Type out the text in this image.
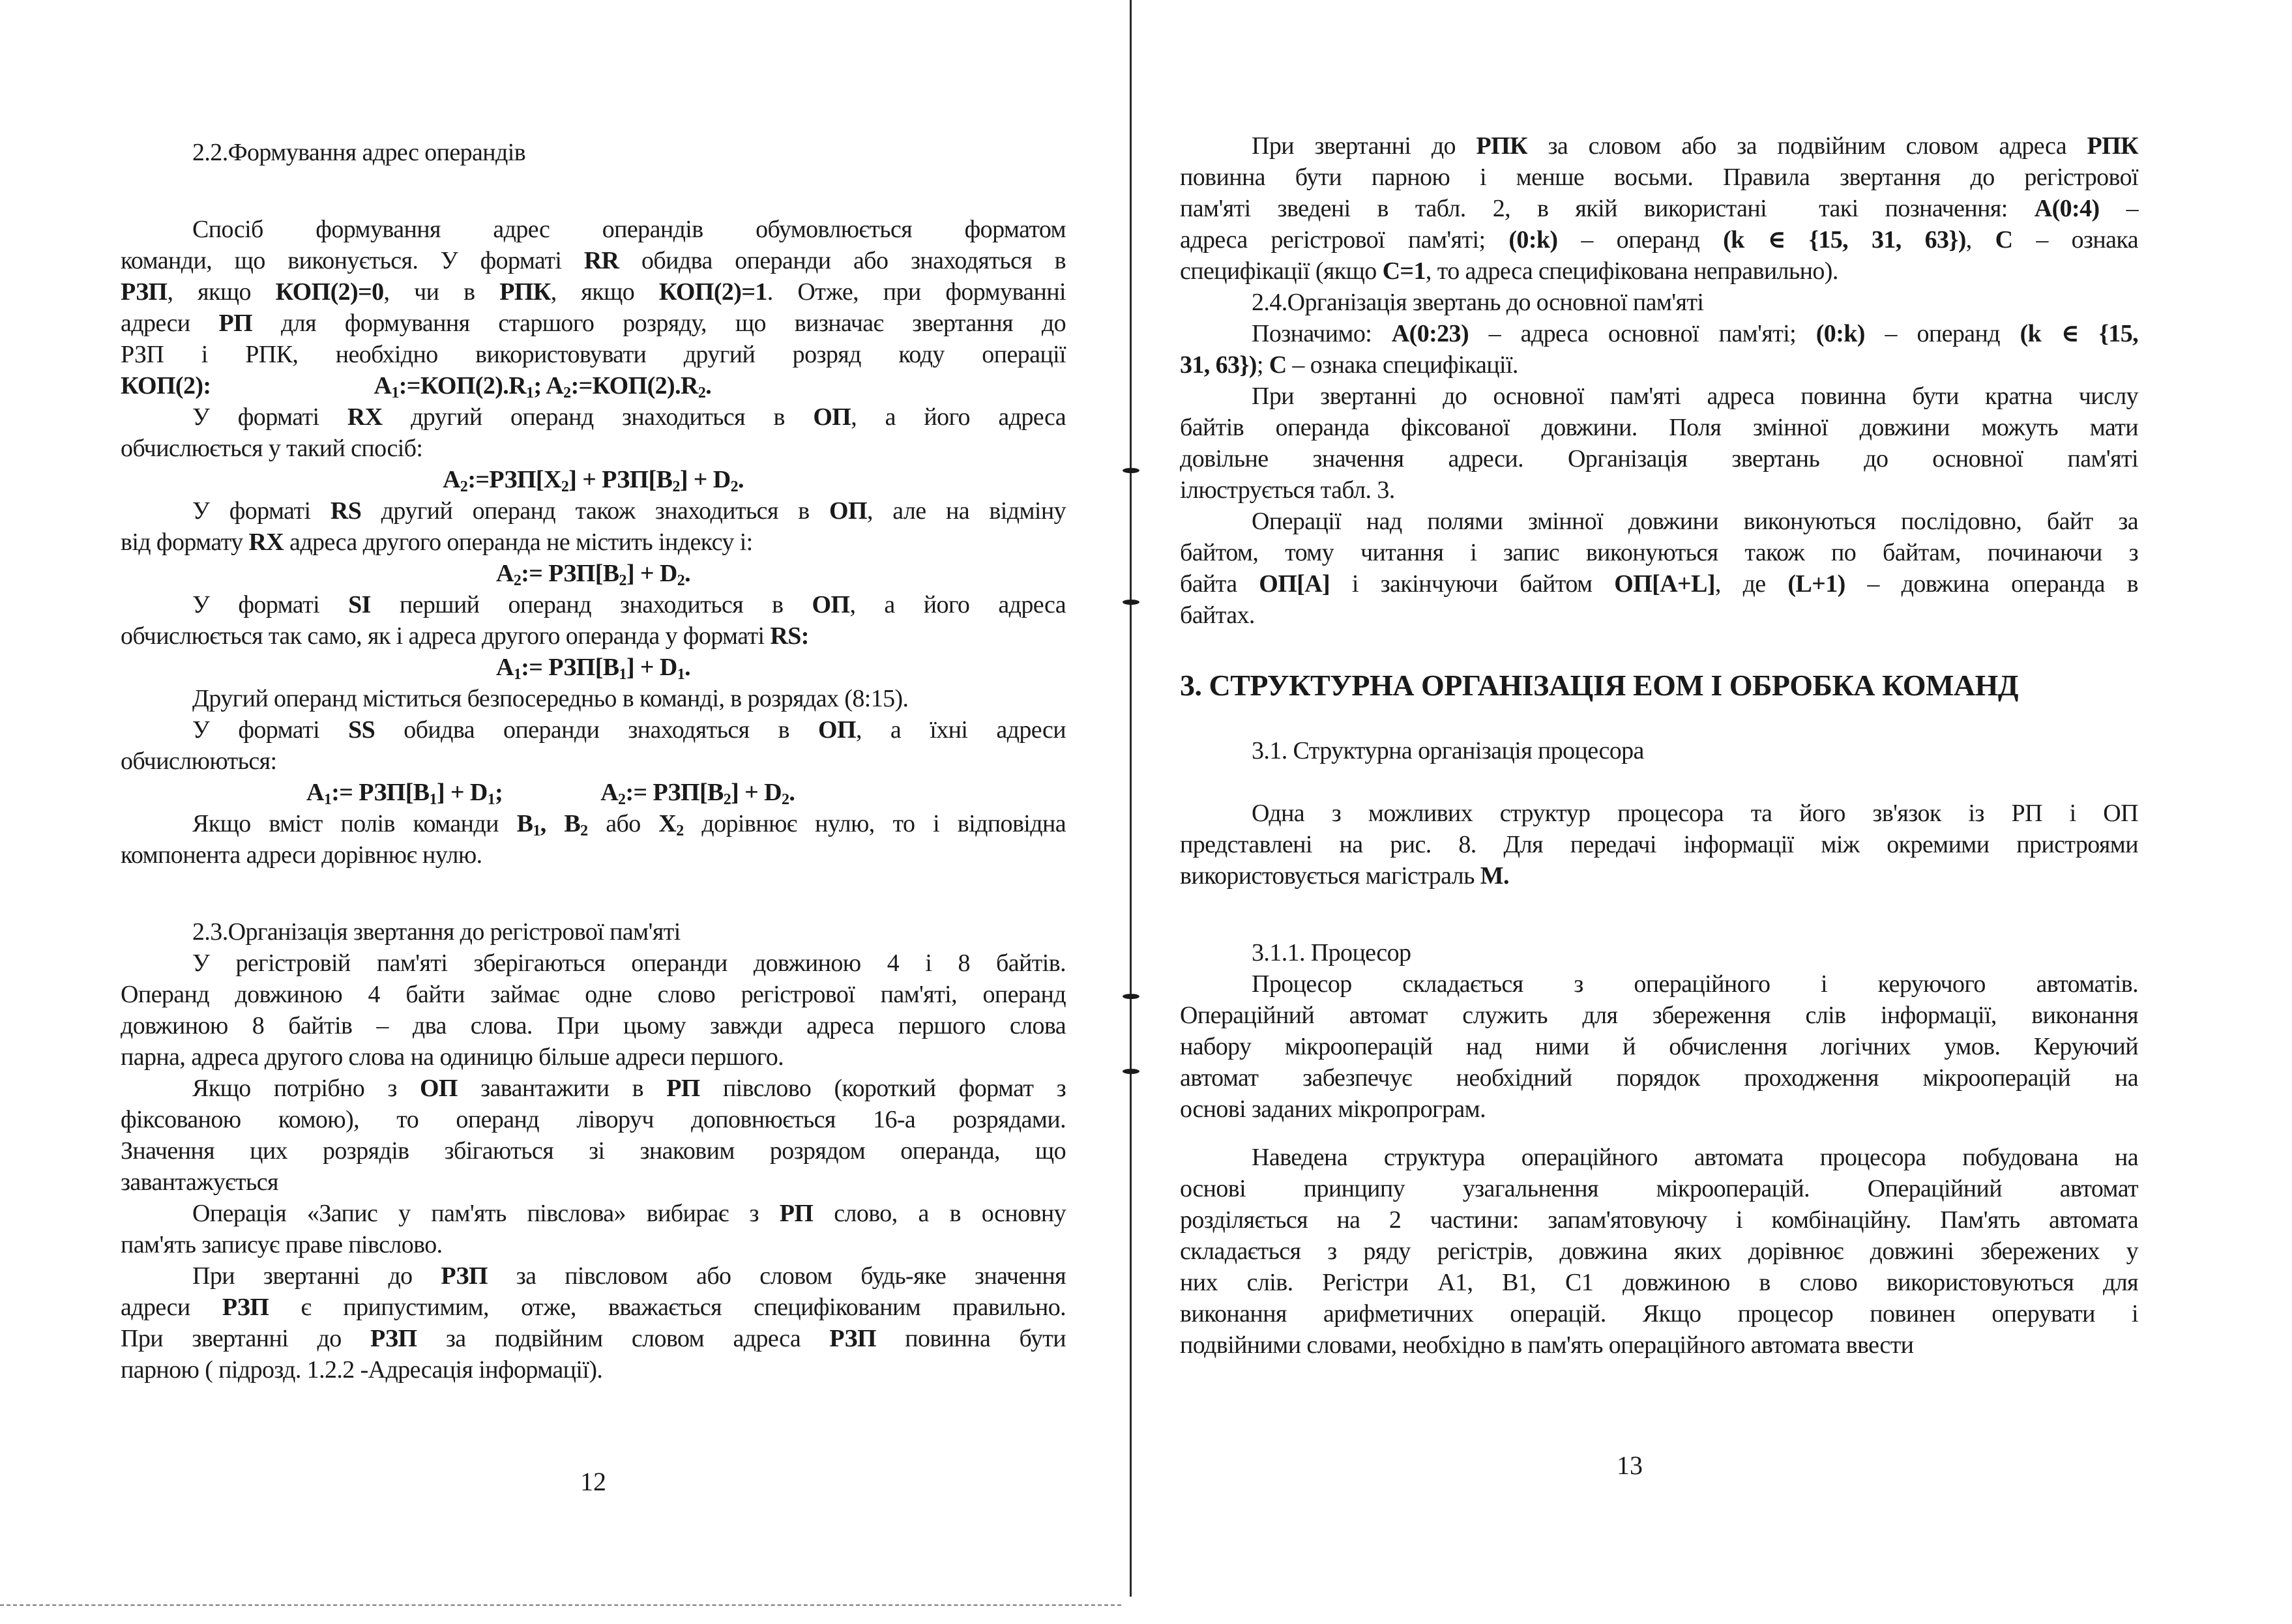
2.2.Формування адрес операндів
Спосіб формування адрес операндів обумовлюється форматом
команди, що виконується. У форматі RR обидва операнди або знаходяться в
РЗП, якщо КОП(2)=0, чи в РПК, якщо КОП(2)=1. Отже, при формуванні
адреси РП для формування старшого розряду, що визначає звертання до
РЗП і РПК, необхідно використовувати другий розряд коду операції
КОП(2):	$A_1:=КОП(2).R_1$; $A_2:=КОП(2).R_2$.
У форматі RX другий операнд знаходиться в ОП, а його адреса
обчислюється у такий спосіб:
$A_2:=РЗП[X_2] + РЗП[B_2] + D_2$.
У форматі RS другий операнд також знаходиться в ОП, але на відміну
від формату RX адреса другого операнда не містить індексу і:
$A_2:= РЗП[B_2] + D_2$.
У форматі SI перший операнд знаходиться в ОП, а його адреса
обчислюється так само, як і адреса другого операнда у форматі RS:
$A_1:= РЗП[B_1] + D_1$.
Другий операнд міститься безпосередньо в команді, в розрядах (8:15).
У форматі SS обидва операнди знаходяться в ОП, а їхні адреси
обчислюються:
$A_1:= РЗП[B_1] + D_1$;	$A_2:= РЗП[B_2] + D_2$.
Якщо вміст полів команди $B_1$, $B_2$ або $X_2$ дорівнює нулю, то і відповідна
компонента адреси дорівнює нулю.
2.3.Організація звертання до регістрової пам'яті
У регістровій пам'яті зберігаються операнди довжиною 4 і 8 байтів.
Операнд довжиною 4 байти займає одне слово регістрової пам'яті, операнд
довжиною 8 байтів – два слова. При цьому завжди адреса першого слова
парна, адреса другого слова на одиницю більше адреси першого.
Якщо потрібно з ОП завантажити в РП півслово (короткий формат з
фіксованою комою), то операнд ліворуч доповнюється 16-а розрядами.
Значення цих розрядів збігаються зі знаковим розрядом операнда, що
завантажується
Операція «Запис у пам'ять півслова» вибирає з РП слово, а в основну
пам'ять записує праве півслово.
При звертанні до РЗП за півсловом або словом будь-яке значення
адреси РЗП є припустимим, отже, вважається специфікованим правильно.
При звертанні до РЗП за подвійним словом адреса РЗП повинна бути
парною ( підрозд. 1.2.2 -Адресація інформації).
12
При звертанні до РПК за словом або за подвійним словом адреса РПК
повинна бути парною і менше восьми. Правила звертання до регістрової
пам'яті зведені в табл. 2, в якій використані такі позначення: A(0:4) –
адреса регістрової пам'яті; (0:k) – операнд (k ∈ {15, 31, 63}), C – ознака
специфікації (якщо C=1, то адреса специфікована неправильно).
2.4.Організація звертань до основної пам'яті
Позначимо: A(0:23) – адреса основної пам'яті; (0:k) – операнд (k ∈ {15,
31, 63}); C – ознака специфікації.
При звертанні до основної пам'яті адреса повинна бути кратна числу
байтів операнда фіксованої довжини. Поля змінної довжини можуть мати
довільне значення адреси. Організація звертань до основної пам'яті
ілюструється табл. 3.
Операції над полями змінної довжини виконуються послідовно, байт за
байтом, тому читання і запис виконуються також по байтам, починаючи з
байта ОП[A] і закінчуючи байтом ОП[A+L], де (L+1) – довжина операнда в
байтах.
3. СТРУКТУРНА ОРГАНІЗАЦІЯ ЕОМ І ОБРОБКА КОМАНД
3.1. Структурна організація процесора
Одна з можливих структур процесора та його зв'язок із РП і ОП
представлені на рис. 8. Для передачі інформації між окремими пристроями
використовується магістраль M.
3.1.1. Процесор
Процесор складається з операційного і керуючого автоматів.
Операційний автомат служить для збереження слів інформації, виконання
набору мікрооперацій над ними й обчислення логічних умов. Керуючий
автомат забезпечує необхідний порядок проходження мікрооперацій на
основі заданих мікропрограм.
Наведена структура операційного автомата процесора побудована на
основі принципу узагальнення мікрооперацій. Операційний автомат
розділяється на 2 частини: запам'ятовуючу і комбінаційну. Пам'ять автомата
складається з ряду регістрів, довжина яких дорівнює довжині збережених у
них слів. Регістри A1, B1, C1 довжиною в слово використовуються для
виконання арифметичних операцій. Якщо процесор повинен оперувати і
подвійними словами, необхідно в пам'ять операційного автомата ввести
13
